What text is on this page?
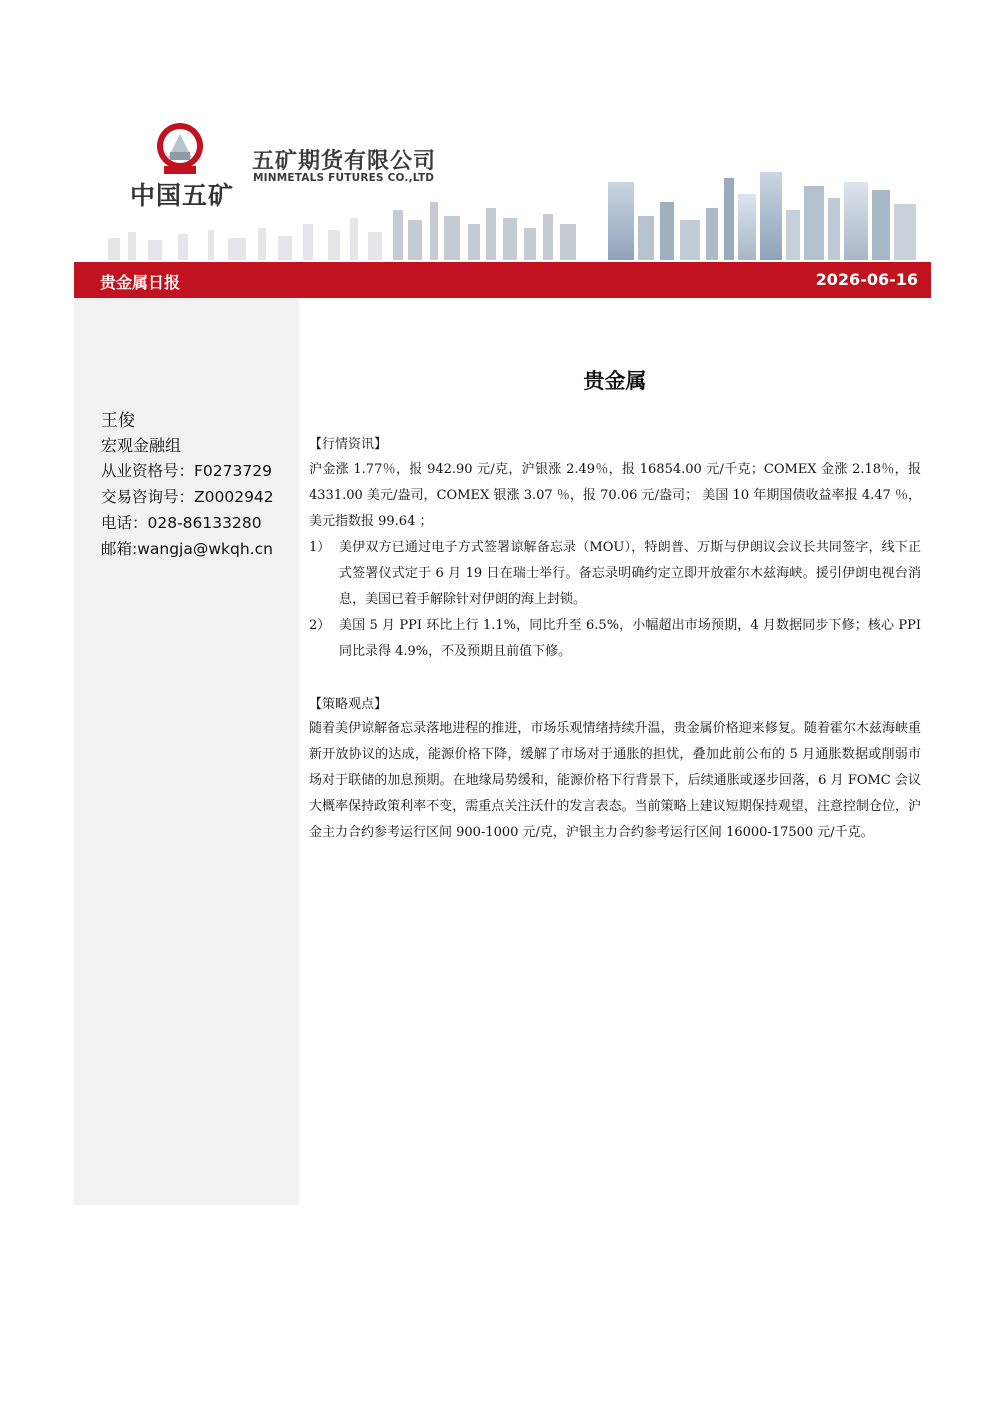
中国五矿
五矿期货有限公司
MINMETALS FUTURES CO.,LTD
贵金属日报	2026-06-16
王俊
宏观金融组
从业资格号：F0273729
交易咨询号：Z0002942
电话：028-86133280
邮箱:wangja@wkqh.cn
贵金属
【行情资讯】
沪金涨 1.77％，报 942.90 元/克，沪银涨 2.49％，报 16854.00 元/千克；COMEX 金涨 2.18％，报 4331.00 美元/盎司，COMEX 银涨 3.07 ％，报 70.06 元/盎司； 美国 10 年期国债收益率报 4.47 ％，美元指数报 99.64 ；
1） 美伊双方已通过电子方式签署谅解备忘录（MOU），特朗普、万斯与伊朗议会议长共同签字，线下正式签署仪式定于 6 月 19 日在瑞士举行。备忘录明确约定立即开放霍尔木兹海峡。援引伊朗电视台消息，美国已着手解除针对伊朗的海上封锁。
2） 美国 5 月 PPI 环比上行 1.1%，同比升至 6.5%，小幅超出市场预期，4 月数据同步下修；核心 PPI 同比录得 4.9%，不及预期且前值下修。
【策略观点】
随着美伊谅解备忘录落地进程的推进，市场乐观情绪持续升温，贵金属价格迎来修复。随着霍尔木兹海峡重新开放协议的达成，能源价格下降，缓解了市场对于通胀的担忧，叠加此前公布的 5 月通胀数据或削弱市场对于联储的加息预期。在地缘局势缓和，能源价格下行背景下，后续通胀或逐步回落，6 月 FOMC 会议大概率保持政策利率不变，需重点关注沃什的发言表态。当前策略上建议短期保持观望，注意控制仓位，沪金主力合约参考运行区间 900-1000 元/克，沪银主力合约参考运行区间 16000-17500 元/千克。
